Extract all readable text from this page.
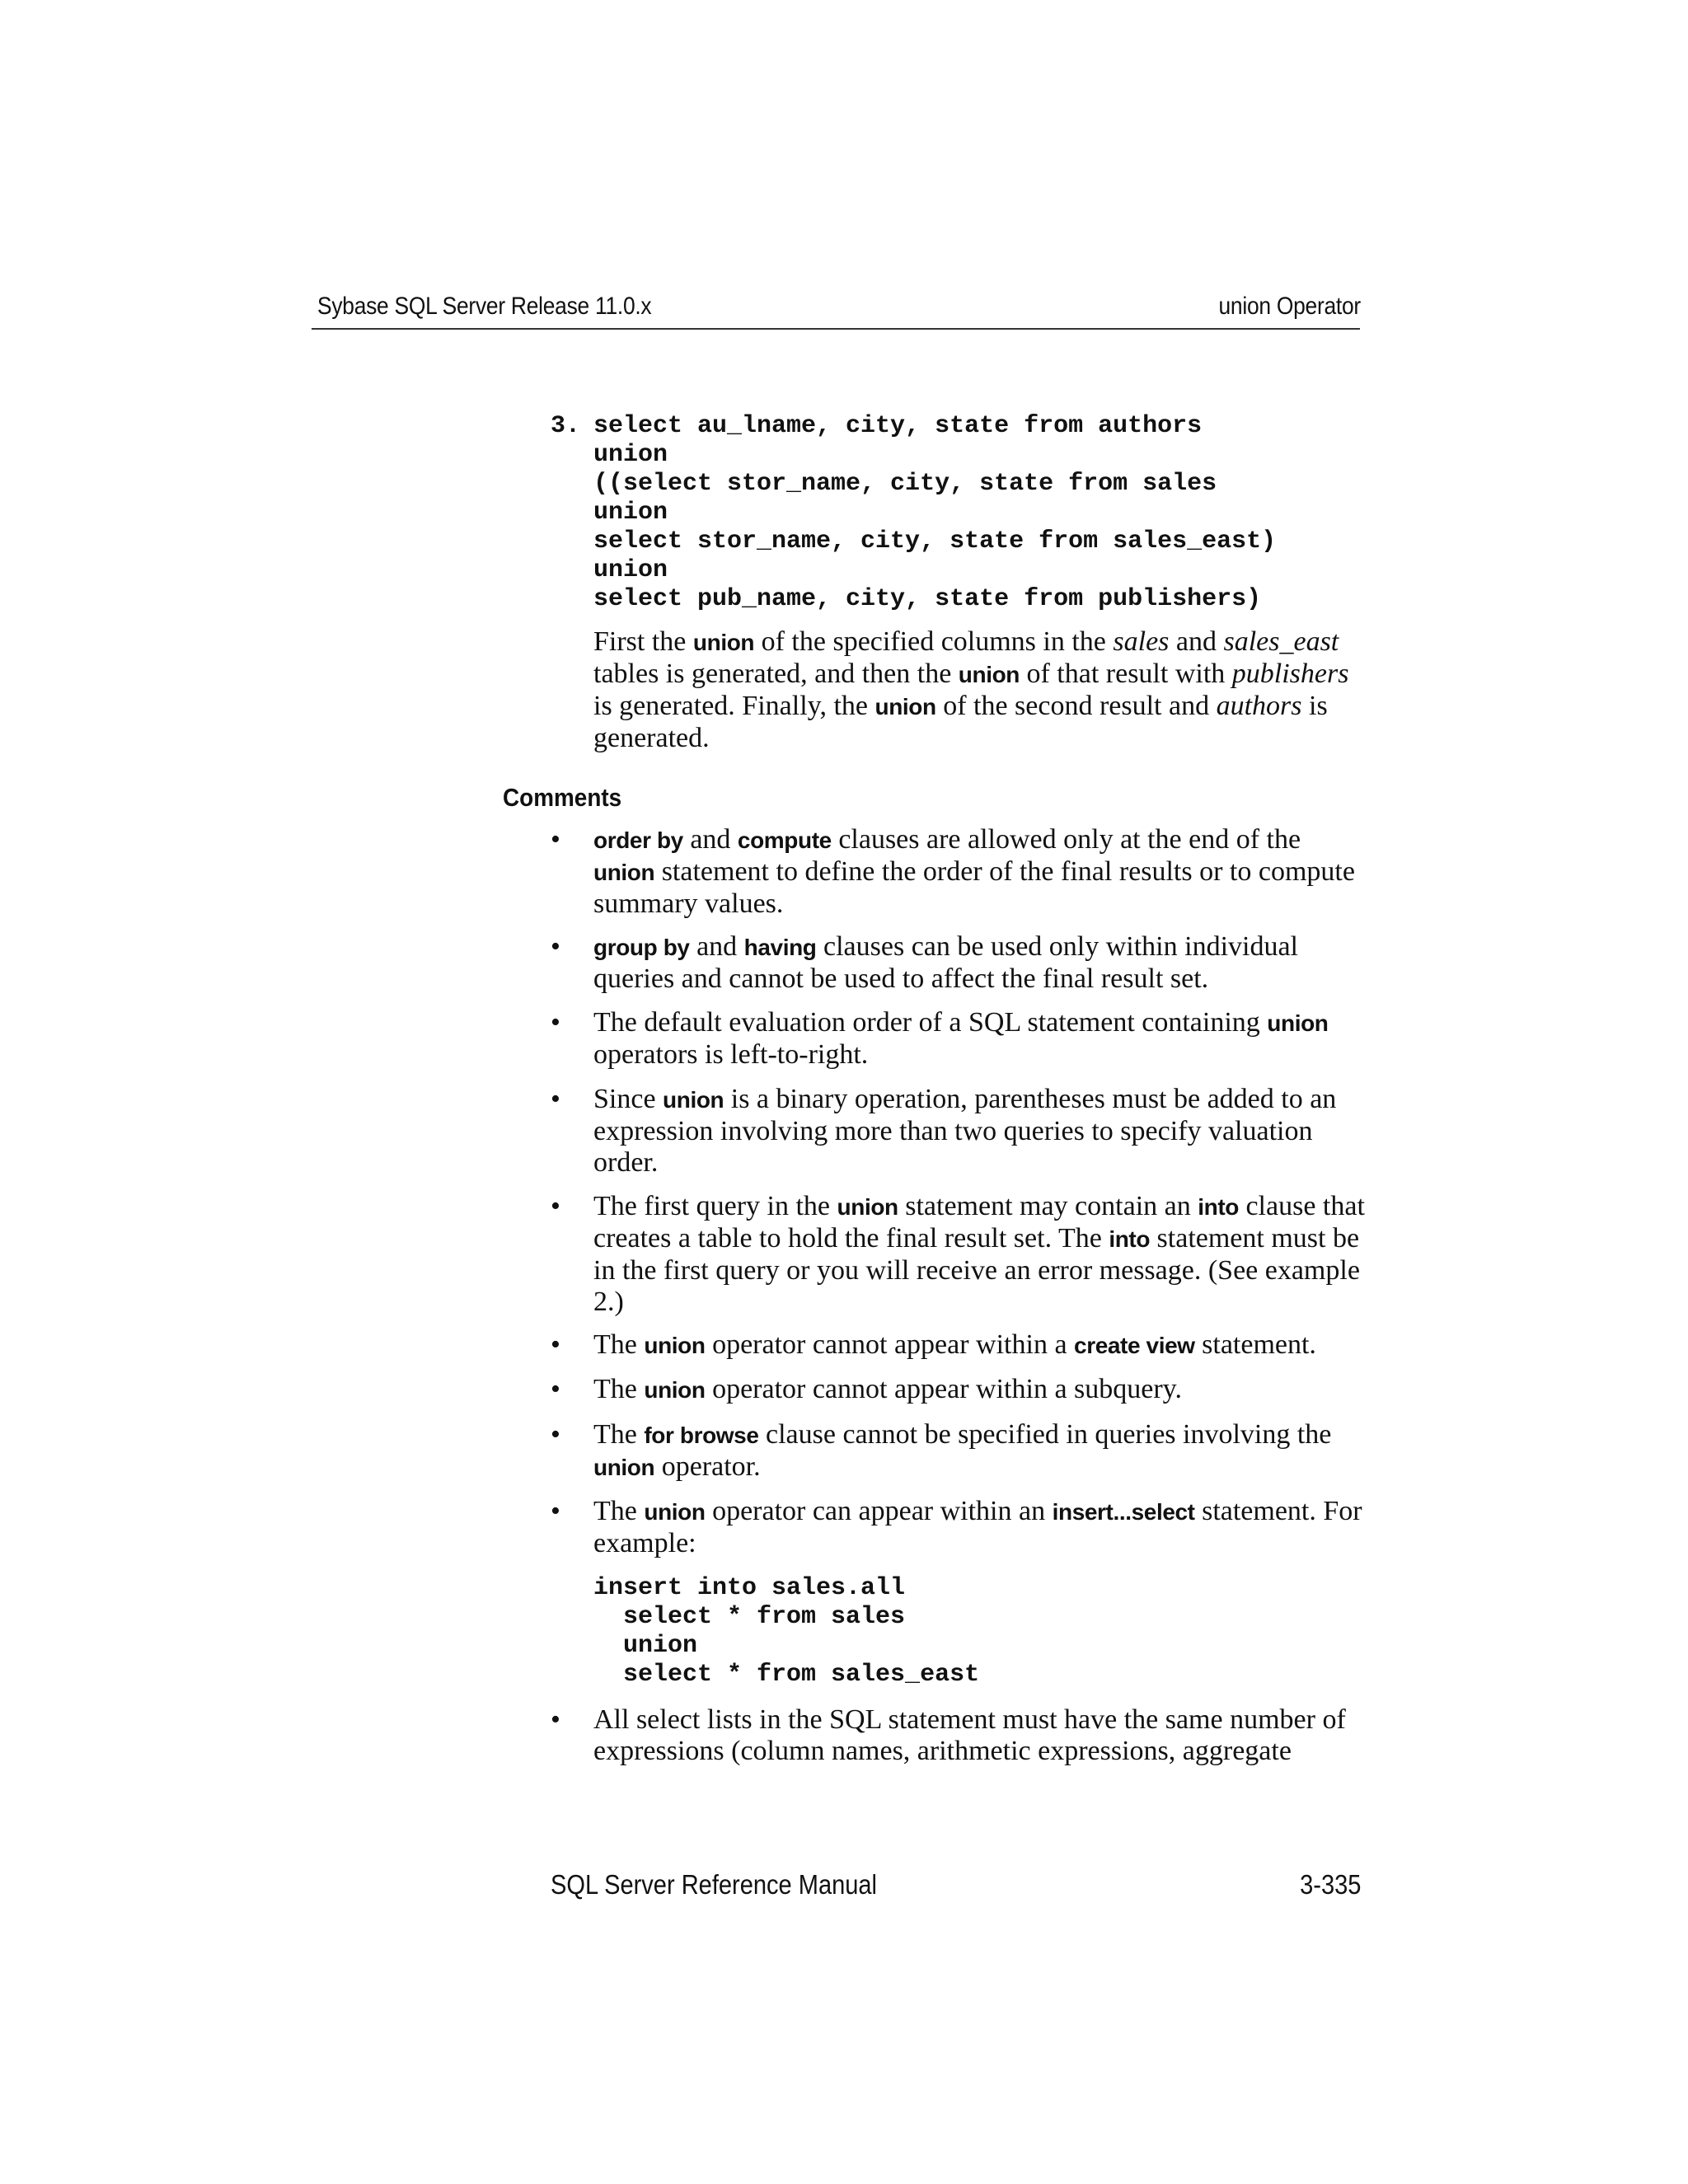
Sybase SQL Server Release 11.0.x	union Operator
3. select au_lname, city, state from authors
union
((select stor_name, city, state from sales
union
select stor_name, city, state from sales_east)
union
select pub_name, city, state from publishers)

First the union of the specified columns in the sales and sales_east tables is generated, and then the union of that result with publishers is generated. Finally, the union of the second result and authors is generated.

Comments
• order by and compute clauses are allowed only at the end of the union statement to define the order of the final results or to compute summary values.

• group by and having clauses can be used only within individual queries and cannot be used to affect the final result set.

• The default evaluation order of a SQL statement containing union operators is left-to-right.

• Since union is a binary operation, parentheses must be added to an expression involving more than two queries to specify valuation order.

• The first query in the union statement may contain an into clause that creates a table to hold the final result set. The into statement must be in the first query or you will receive an error message. (See example 2.)

• The union operator cannot appear within a create view statement.

• The union operator cannot appear within a subquery.

• The for browse clause cannot be specified in queries involving the union operator.

• The union operator can appear within an insert...select statement. For example:

insert into sales.all
select * from sales
union
select * from sales_east
• All select lists in the SQL statement must have the same number of expressions (column names, arithmetic expressions, aggregate

SQL Server Reference Manual	3-335
